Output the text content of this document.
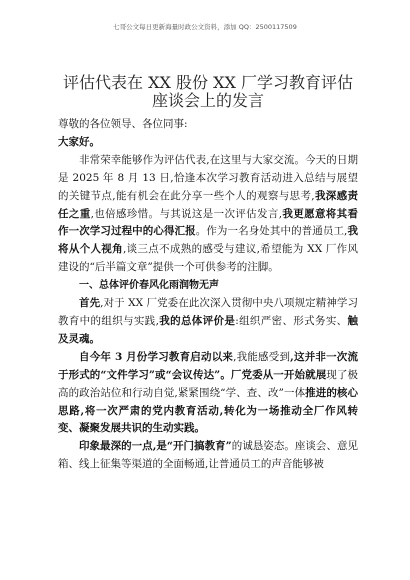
七哥公文每日更新海量时政公文资料，添加 QQ：2500117509
评估代表在 XX 股份 XX 厂学习教育评估座谈会上的发言

尊敬的各位领导、各位同事:

大家好。

非常荣幸能够作为评估代表,在这里与大家交流。今天的日期是 2025 年 8 月 13 日,恰逢本次学习教育活动进入总结与展望的关键节点,能有机会在此分享一些个人的观察与思考,我深感责任之重,也倍感珍惜。与其说这是一次评估发言,我更愿意将其看作一次学习过程中的心得汇报。作为一名身处其中的普通员工,我将从个人视角,谈三点不成熟的感受与建议,希望能为 XX 厂作风建设的“后半篇文章”提供一个可供参考的注脚。

一、总体评价春风化雨润物无声

首先,对于 XX 厂党委在此次深入贯彻中央八项规定精神学习教育中的组织与实践,我的总体评价是:组织严密、形式务实、触及灵魂。

自今年 3 月份学习教育启动以来,我能感受到,这并非一次流于形式的“文件学习”或“会议传达”。厂党委从一开始就展现了极高的政治站位和行动自觉,紧紧围绕“学、查、改”一体推进的核心思路,将一次严肃的党内教育活动,转化为一场推动全厂作风转变、凝聚发展共识的生动实践。

印象最深的一点,是“开门搞教育”的诚恳姿态。座谈会、意见箱、线上征集等渠道的全面畅通,让普通员工的声音能够被
